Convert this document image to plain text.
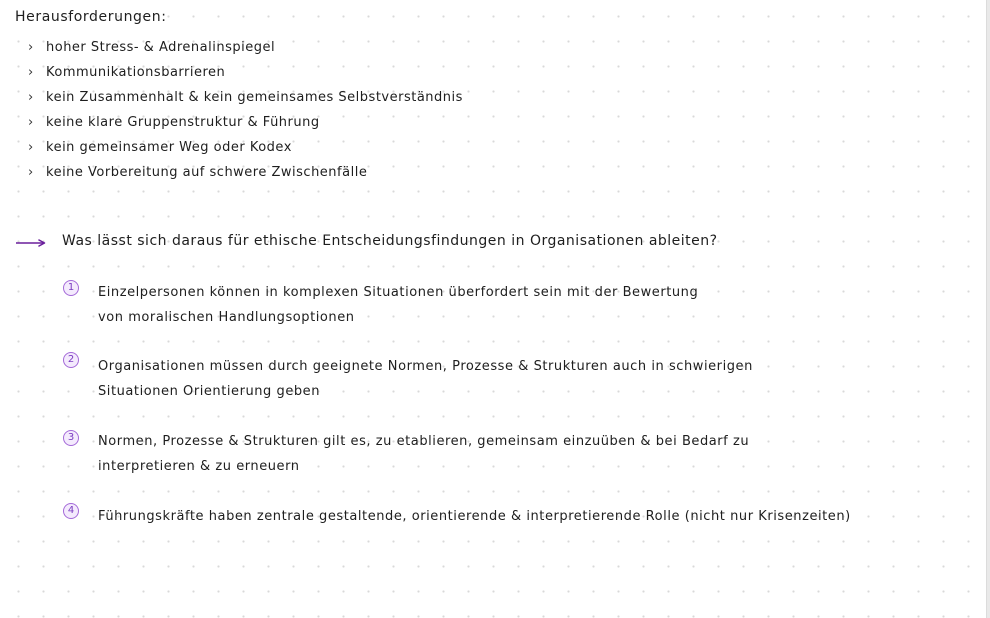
Herausforderungen:
› hoher Stress- & Adrenalinspiegel
› Kommunikationsbarrieren
› kein Zusammenhalt & kein gemeinsames Selbstverständnis
› keine klare Gruppenstruktur & Führung
› kein gemeinsamer Weg oder Kodex
› keine Vorbereitung auf schwere Zwischenfälle
Was lässt sich daraus für ethische Entscheidungsfindungen in Organisationen ableiten?
1	Einzelpersonen können in komplexen Situationen überfordert sein mit der Bewertung
von moralischen Handlungsoptionen
2	Organisationen müssen durch geeignete Normen, Prozesse & Strukturen auch in schwierigen
Situationen Orientierung geben
3	Normen, Prozesse & Strukturen gilt es, zu etablieren, gemeinsam einzuüben & bei Bedarf zu
interpretieren & zu erneuern
4	Führungskräfte haben zentrale gestaltende, orientierende & interpretierende Rolle (nicht nur Krisenzeiten)
